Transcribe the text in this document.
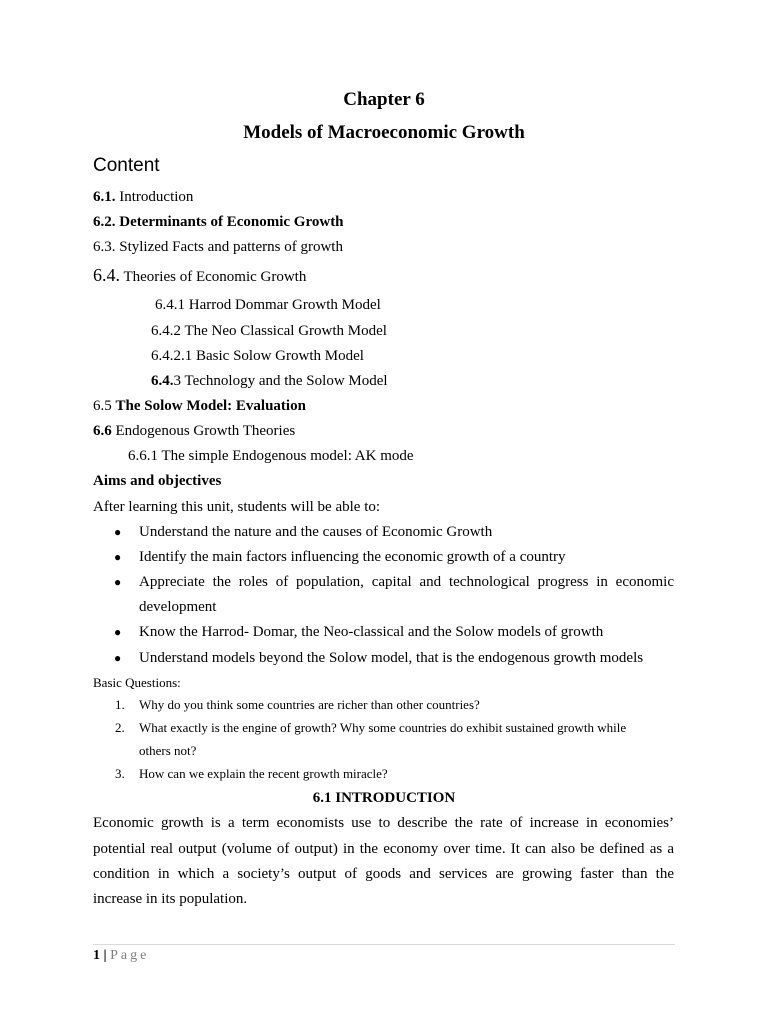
Chapter 6
Models of Macroeconomic Growth
Content
6.1. Introduction
6.2. Determinants of Economic Growth
6.3. Stylized Facts and patterns of growth
6.4. Theories of Economic Growth
6.4.1 Harrod Dommar Growth Model
6.4.2 The Neo Classical Growth Model
6.4.2.1 Basic Solow Growth Model
6.4.3 Technology and the Solow Model
6.5 The Solow Model: Evaluation
6.6 Endogenous Growth Theories
6.6.1 The simple Endogenous model: AK mode
Aims and objectives
After learning this unit, students will be able to:
● Understand the nature and the causes of Economic Growth
● Identify the main factors influencing the economic growth of a country
● Appreciate the roles of population, capital and technological progress in economic
development
● Know the Harrod- Domar, the Neo-classical and the Solow models of growth
● Understand models beyond the Solow model, that is the endogenous growth models
Basic Questions:
1. Why do you think some countries are richer than other countries?
2. What exactly is the engine of growth? Why some countries do exhibit sustained growth while
others not?
3. How can we explain the recent growth miracle?
6.1 INTRODUCTION
Economic growth is a term economists use to describe the rate of increase in economies’
potential real output (volume of output) in the economy over time. It can also be defined as a
condition in which a society’s output of goods and services are growing faster than the
increase in its population.
1 | Page
